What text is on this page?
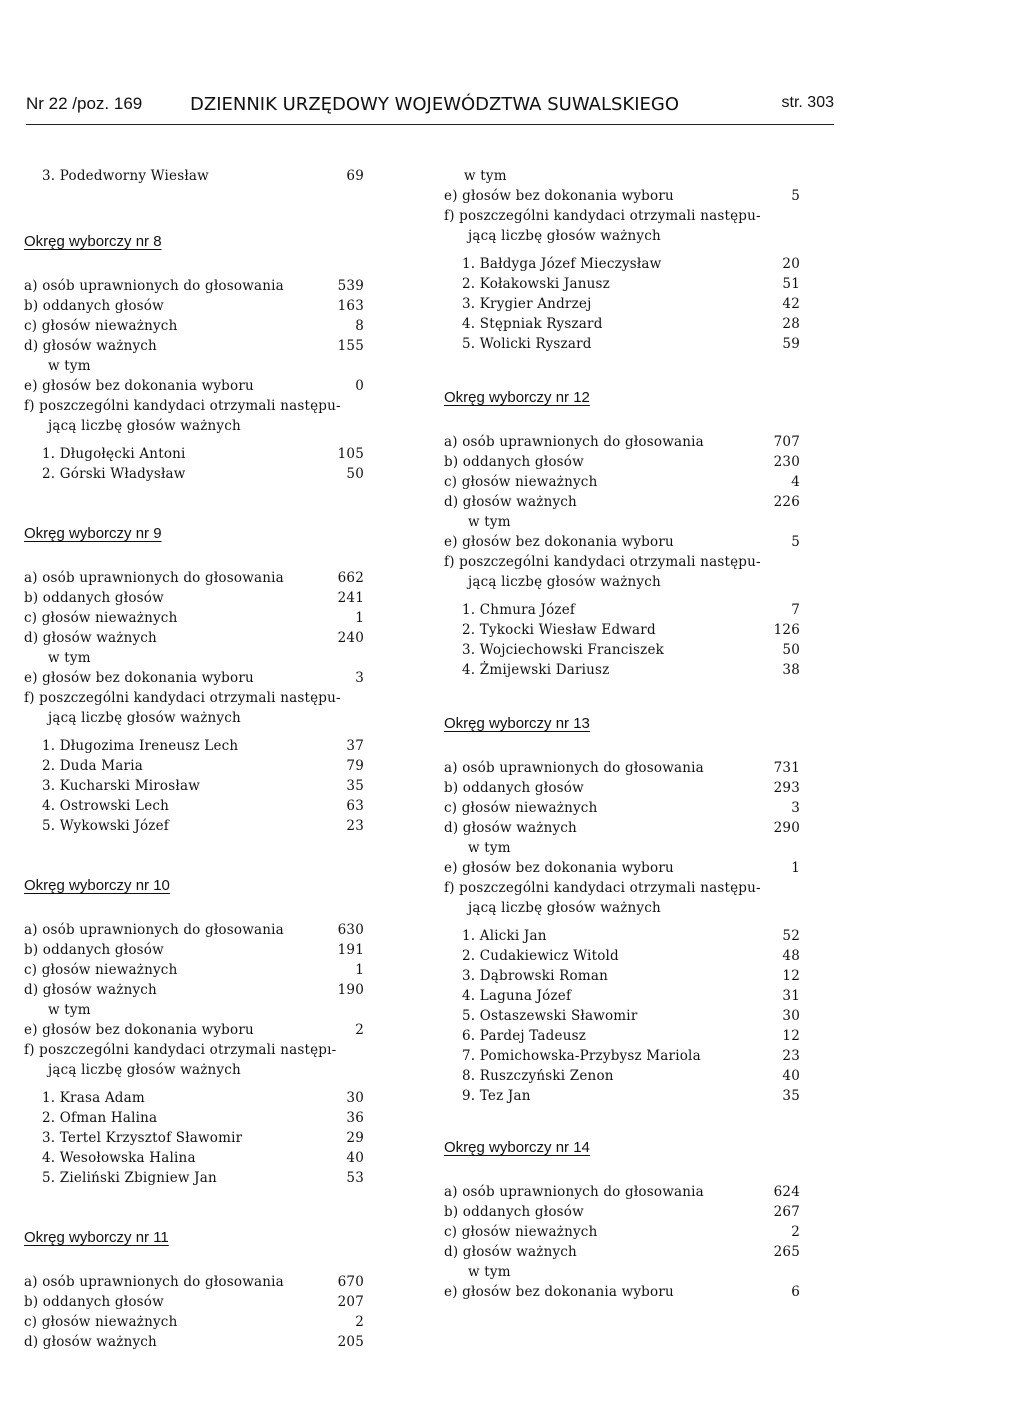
Nr 22 /poz. 169	DZIENNIK URZĘDOWY WOJEWÓDZTWA SUWALSKIEGO	str. 303
3. Podedworny Wiesław	69
Okręg wyborczy nr 8
a) osób uprawnionych do głosowania	539
b) oddanych głosów	163
c) głosów nieważnych	8
d) głosów ważnych	155
w tym
e) głosów bez dokonania wyboru	0
f) poszczególni kandydaci otrzymali następu-
jącą liczbę głosów ważnych
1. Długołęcki Antoni	105
2. Górski Władysław	50
Okręg wyborczy nr 9
a) osób uprawnionych do głosowania	662
b) oddanych głosów	241
c) głosów nieważnych	1
d) głosów ważnych	240
w tym
e) głosów bez dokonania wyboru	3
f) poszczególni kandydaci otrzymali następu-
jącą liczbę głosów ważnych
1. Długozima Ireneusz Lech	37
2. Duda Maria	79
3. Kucharski Mirosław	35
4. Ostrowski Lech	63
5. Wykowski Józef	23
Okręg wyborczy nr 10
a) osób uprawnionych do głosowania	630
b) oddanych głosów	191
c) głosów nieważnych	1
d) głosów ważnych	190
w tym
e) głosów bez dokonania wyboru	2
f) poszczególni kandydaci otrzymali następı-
jącą liczbę głosów ważnych
1. Krasa Adam	30
2. Ofman Halina	36
3. Tertel Krzysztof Sławomir	29
4. Wesołowska Halina	40
5. Zieliński Zbigniew Jan	53
Okręg wyborczy nr 11
a) osób uprawnionych do głosowania	670
b) oddanych głosów	207
c) głosów nieważnych	2
d) głosów ważnych	205
w tym
e) głosów bez dokonania wyboru	5
f) poszczególni kandydaci otrzymali następu-
jącą liczbę głosów ważnych
1. Bałdyga Józef Mieczysław	20
2. Kołakowski Janusz	51
3. Krygier Andrzej	42
4. Stępniak Ryszard	28
5. Wolicki Ryszard	59
Okręg wyborczy nr 12
a) osób uprawnionych do głosowania	707
b) oddanych głosów	230
c) głosów nieważnych	4
d) głosów ważnych	226
w tym
e) głosów bez dokonania wyboru	5
f) poszczególni kandydaci otrzymali następu-
jącą liczbę głosów ważnych
1. Chmura Józef	7
2. Tykocki Wiesław Edward	126
3. Wojciechowski Franciszek	50
4. Żmijewski Dariusz	38
Okręg wyborczy nr 13
a) osób uprawnionych do głosowania	731
b) oddanych głosów	293
c) głosów nieważnych	3
d) głosów ważnych	290
w tym
e) głosów bez dokonania wyboru	1
f) poszczególni kandydaci otrzymali następu-
jącą liczbę głosów ważnych
1. Alicki Jan	52
2. Cudakiewicz Witold	48
3. Dąbrowski Roman	12
4. Laguna Józef	31
5. Ostaszewski Sławomir	30
6. Pardej Tadeusz	12
7. Pomichowska-Przybysz Mariola	23
8. Ruszczyński Zenon	40
9. Tez Jan	35
Okręg wyborczy nr 14
a) osób uprawnionych do głosowania	624
b) oddanych głosów	267
c) głosów nieważnych	2
d) głosów ważnych	265
w tym
e) głosów bez dokonania wyboru	6
